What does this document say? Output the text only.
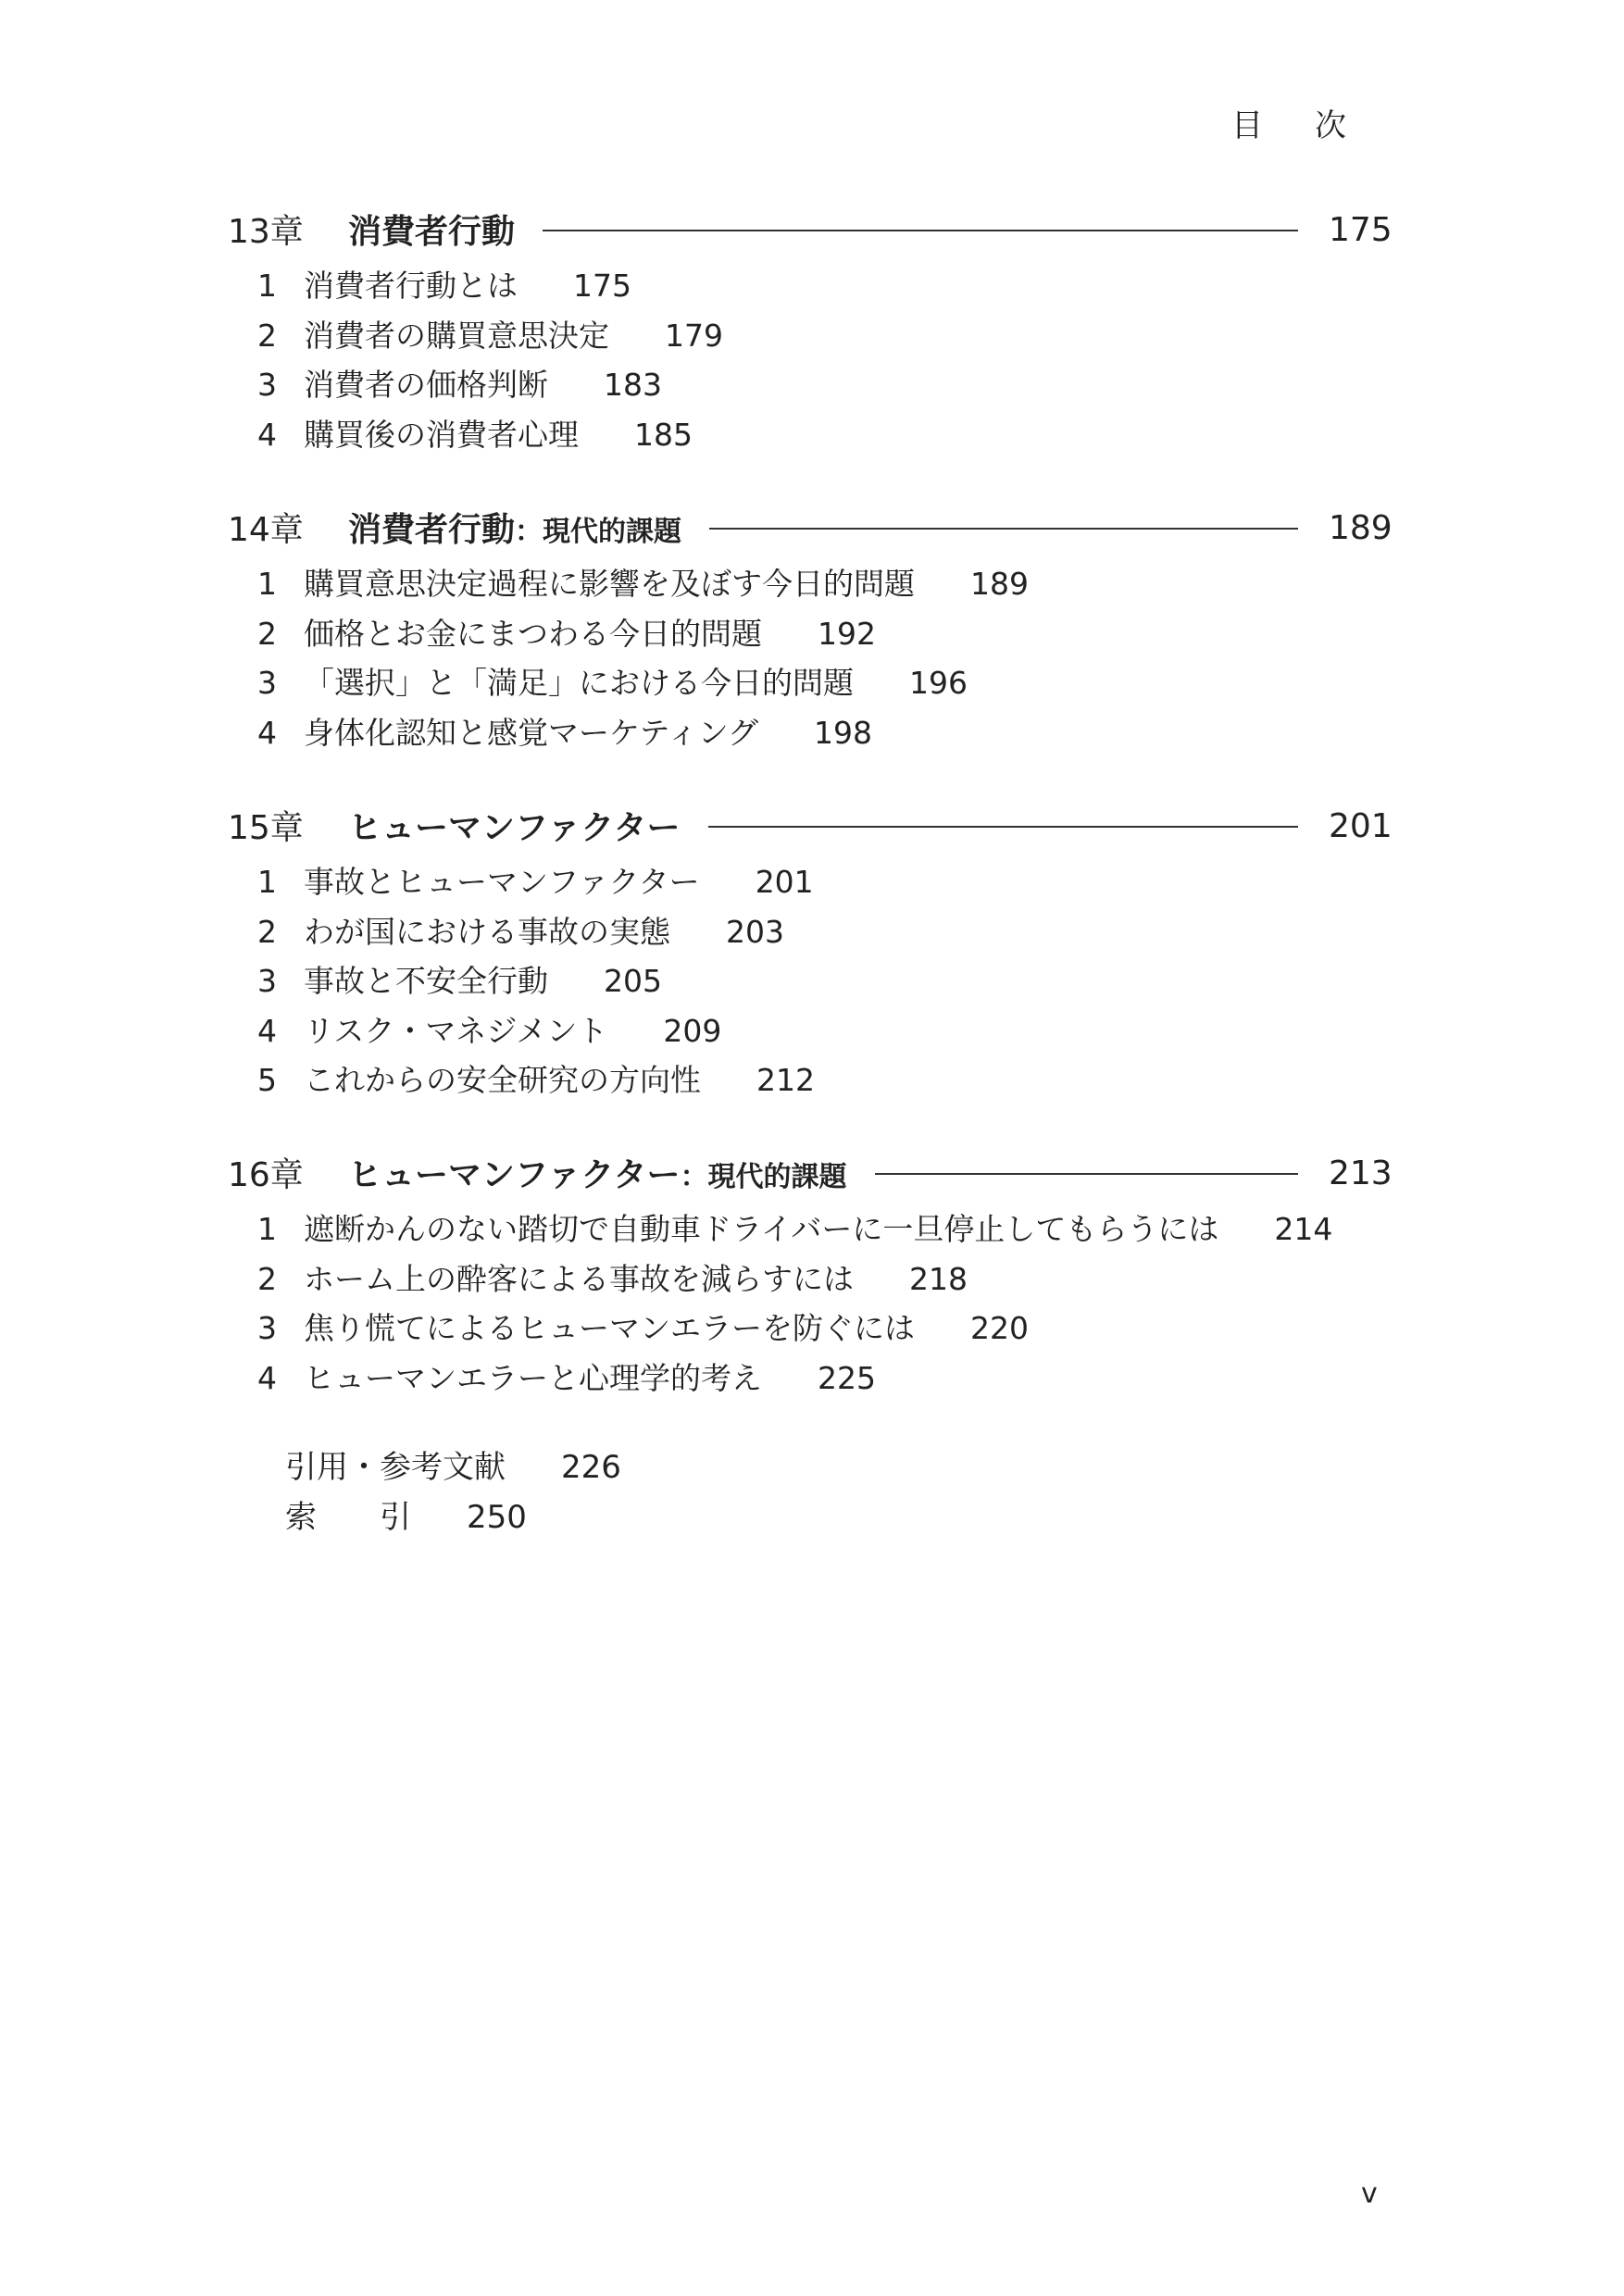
目次
13章 消費者行動	175
1 消費者行動とは 175
2 消費者の購買意思決定 179
3 消費者の価格判断 183
4 購買後の消費者心理 185
14章 消費者行動：現代的課題	189
1 購買意思決定過程に影響を及ぼす今日的問題 189
2 価格とお金にまつわる今日的問題 192
3 「選択」と「満足」における今日的問題 196
4 身体化認知と感覚マーケティング 198
15章 ヒューマンファクター	201
1 事故とヒューマンファクター 201
2 わが国における事故の実態 203
3 事故と不安全行動 205
4 リスク・マネジメント 209
5 これからの安全研究の方向性 212
16章 ヒューマンファクター：現代的課題	213
1 遮断かんのない踏切で自動車ドライバーに一旦停止してもらうには 214
2 ホーム上の酔客による事故を減らすには 218
3 焦り慌てによるヒューマンエラーを防ぐには 220
4 ヒューマンエラーと心理学的考え 225
引用・参考文献 226
索　　引 250
v
